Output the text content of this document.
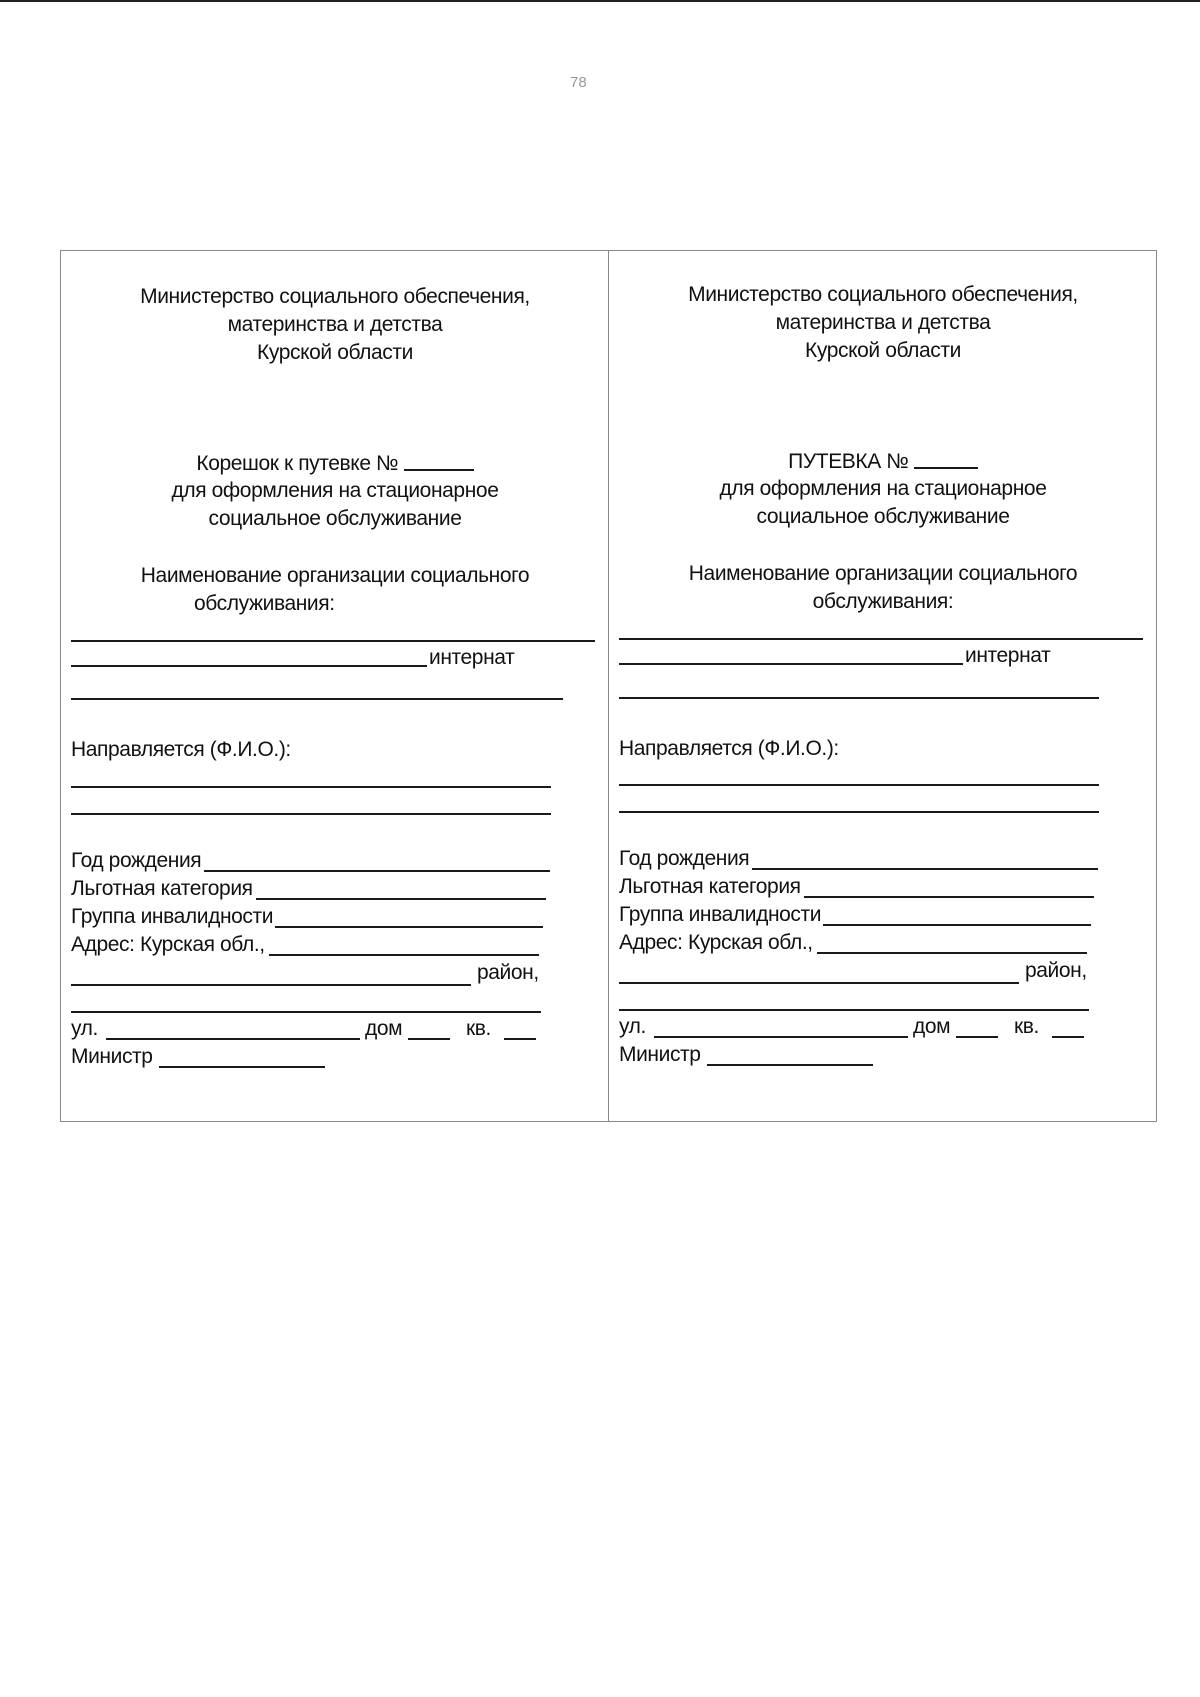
78
Министерство социального обеспечения,
материнства и детства
Курской области
Корешок к путевке №
для оформления на стационарное
социальное обслуживание
Наименование организации социального
обслуживания:
интернат
Направляется (Ф.И.О.):
Год рождения
Льготная категория
Группа инвалидности
Адрес: Курская обл.,
район,
ул.	дом	кв.
Министр
Министерство социального обеспечения,
материнства и детства
Курской области
ПУТЕВКА №
для оформления на стационарное
социальное обслуживание
Наименование организации социального
обслуживания:
интернат
Направляется (Ф.И.О.):
Год рождения
Льготная категория
Группа инвалидности
Адрес: Курская обл.,
район,
ул.	дом	кв.
Министр
